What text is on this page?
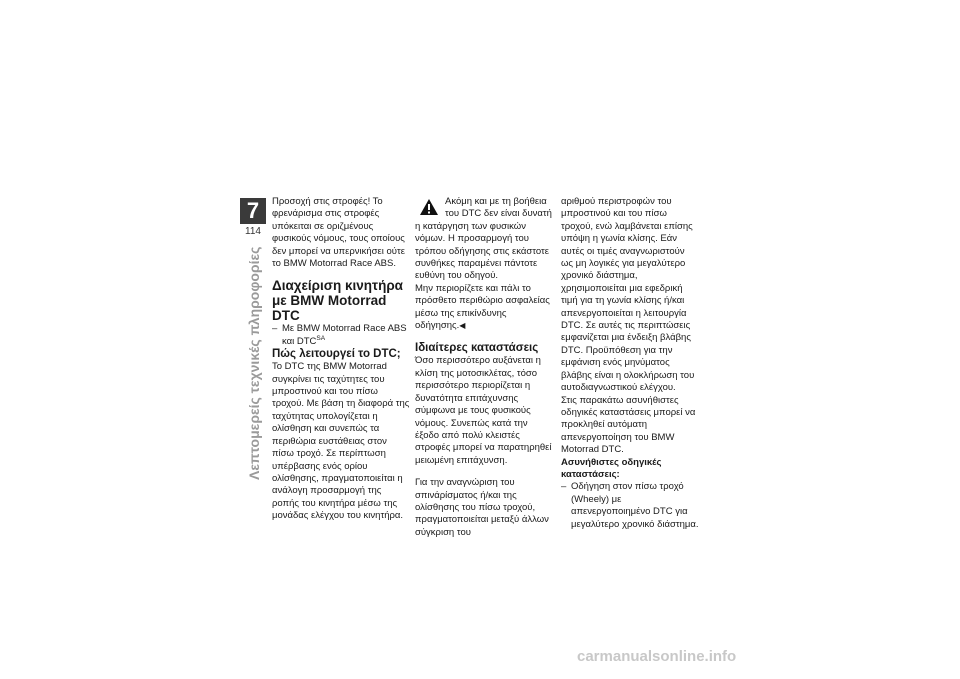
7
114
Λεπτομερείς τεχνικές πληροφορίες

Προσοχή στις στροφές! Το φρενάρισμα στις στροφές υπόκειται σε οριζμένους φυσικούς νόμους, τους οποίους δεν μπορεί να υπερνικήσει ούτε το BMW Motorrad Race ABS.

Διαχείριση κινητήρα με BMW Motorrad DTC

– Με BMW Motorrad Race ABS και $DTC^{SA}$

Πώς λειτουργεί το DTC;

Το DTC της BMW Motorrad συγκρίνει τις ταχύτητες του μπροστινού και του πίσω τροχού. Με βάση τη διαφορά της ταχύτητας υπολογίζεται η ολίσθηση και συνεπώς τα περιθώρια ευστάθειας στον πίσω τροχό. Σε περίπτωση υπέρβασης ενός ορίου ολίσθησης, πραγματοποιείται η ανάλογη προσαρμογή της ροπής του κινητήρα μέσω της μονάδας ελέγχου του κινητήρα.

Ακόμη και με τη βοήθεια του DTC δεν είναι δυνατή η κατάργηση των φυσικών νόμων. Η προσαρμογή του τρόπου οδήγησης στις εκάστοτε συνθήκες παραμένει πάντοτε ευθύνη του οδηγού.

Μην περιορίζετε και πάλι το πρόσθετο περιθώριο ασφαλείας μέσω της επικίνδυνης οδήγησης.◀

Ιδιαίτερες καταστάσεις

Όσο περισσότερο αυξάνεται η κλίση της μοτοσικλέτας, τόσο περισσότερο περιορίζεται η δυνατότητα επιτάχυνσης σύμφωνα με τους φυσικούς νόμους. Συνεπώς κατά την έξοδο από πολύ κλειστές στροφές μπορεί να παρατηρηθεί μειωμένη επιτάχυνση.

Για την αναγνώριση του σπινάρίσματος ή/και της ολίσθησης του πίσω τροχού, πραγματοποιείται μεταξύ άλλων σύγκριση του

αριθμού περιστροφών του μπροστινού και του πίσω τροχού, ενώ λαμβάνεται επίσης υπόψη η γωνία κλίσης. Εάν αυτές οι τιμές αναγνωριστούν ως μη λογικές για μεγαλύτερο χρονικό διάστημα, χρησιμοποιείται μια εφεδρική τιμή για τη γωνία κλίσης ή/και απενεργοποιείται η λειτουργία DTC. Σε αυτές τις περιπτώσεις εμφανίζεται μια ένδειξη βλάβης DTC. Προϋπόθεση για την εμφάνιση ενός μηνύματος βλάβης είναι η ολοκλήρωση του αυτοδιαγνωστικού ελέγχου.

Στις παρακάτω ασυνήθιστες οδηγικές καταστάσεις μπορεί να προκληθεί αυτόματη απενεργοποίηση του BMW Motorrad DTC.

Ασυνήθιστες οδηγικές καταστάσεις:

– Οδήγηση στον πίσω τροχό (Wheely) με απενεργοποιημένο DTC για μεγαλύτερο χρονικό διάστημα.
carmanualsonline.info
